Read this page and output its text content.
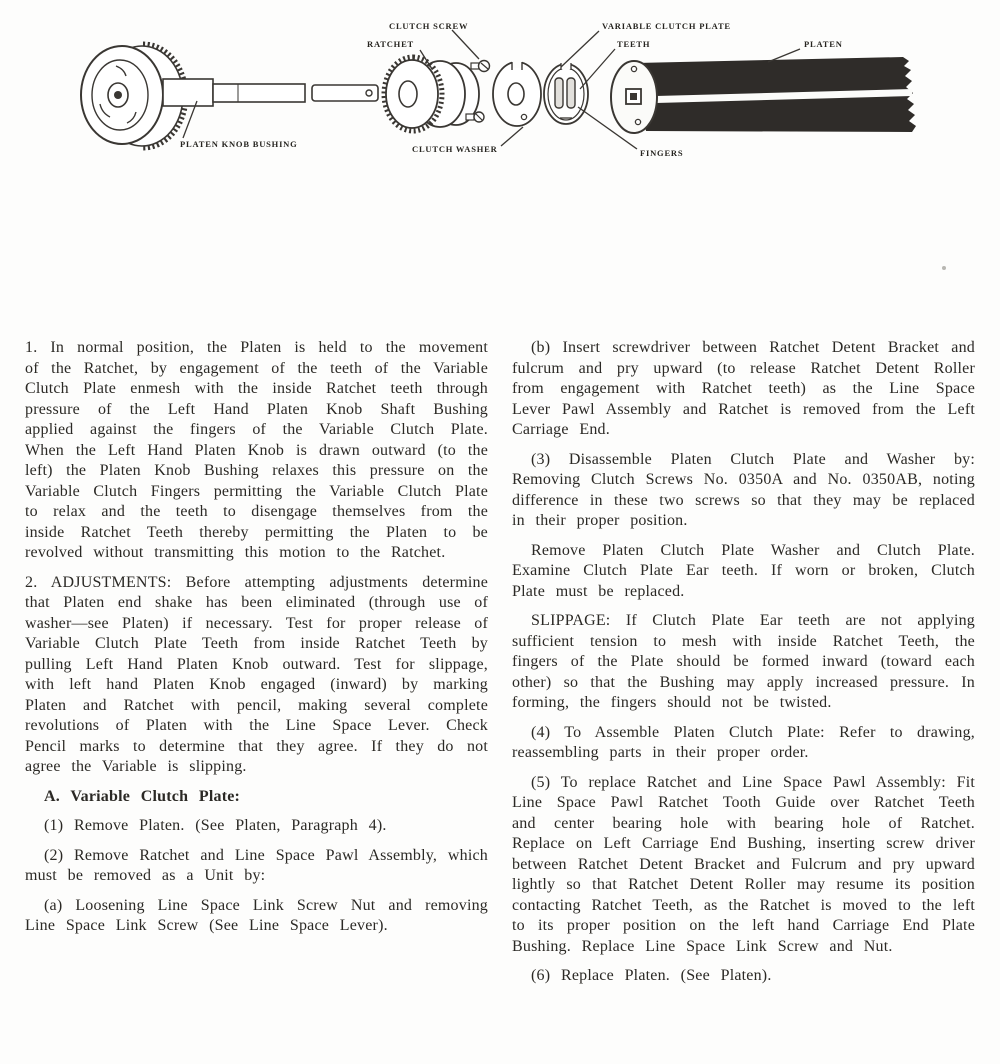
CLUTCH SCREW
RATCHET
PLATEN KNOB BUSHING	CLUTCH WASHER
VARIABLE CLUTCH PLATE
TEETH	PLATEN
FINGERS

1. In normal position, the Platen is held to the movement of the Ratchet, by engagement of the teeth of the Variable Clutch Plate enmesh with the inside Ratchet teeth through pressure of the Left Hand Platen Knob Shaft Bushing applied against the fingers of the Variable Clutch Plate. When the Left Hand Platen Knob is drawn outward (to the left) the Platen Knob Bushing relaxes this pressure on the Variable Clutch Fingers permitting the Variable Clutch Plate to relax and the teeth to disengage themselves from the inside Ratchet Teeth thereby permitting the Platen to be revolved without transmitting this motion to the Ratchet.

2. ADJUSTMENTS: Before attempting adjustments determine that Platen end shake has been eliminated (through use of washer—see Platen) if necessary. Test for proper release of Variable Clutch Plate Teeth from inside Ratchet Teeth by pulling Left Hand Platen Knob outward. Test for slippage, with left hand Platen Knob engaged (inward) by marking Platen and Ratchet with pencil, making several complete revolutions of Platen with the Line Space Lever. Check Pencil marks to determine that they agree. If they do not agree the Variable is slipping.

A. Variable Clutch Plate:

(1) Remove Platen. (See Platen, Paragraph 4).

(2) Remove Ratchet and Line Space Pawl Assembly, which must be removed as a Unit by:

(a) Loosening Line Space Link Screw Nut and removing Line Space Link Screw (See Line Space Lever).

(b) Insert screwdriver between Ratchet Detent Bracket and fulcrum and pry upward (to release Ratchet Detent Roller from engagement with Ratchet teeth) as the Line Space Lever Pawl Assembly and Ratchet is removed from the Left Carriage End.

(3) Disassemble Platen Clutch Plate and Washer by: Removing Clutch Screws No. 0350A and No. 0350AB, noting difference in these two screws so that they may be replaced in their proper position.

Remove Platen Clutch Plate Washer and Clutch Plate. Examine Clutch Plate Ear teeth. If worn or broken, Clutch Plate must be replaced.

SLIPPAGE: If Clutch Plate Ear teeth are not applying sufficient tension to mesh with inside Ratchet Teeth, the fingers of the Plate should be formed inward (toward each other) so that the Bushing may apply increased pressure. In forming, the fingers should not be twisted.

(4) To Assemble Platen Clutch Plate: Refer to drawing, reassembling parts in their proper order.

(5) To replace Ratchet and Line Space Pawl Assembly: Fit Line Space Pawl Ratchet Tooth Guide over Ratchet Teeth and center bearing hole with bearing hole of Ratchet. Replace on Left Carriage End Bushing, inserting screw driver between Ratchet Detent Bracket and Fulcrum and pry upward lightly so that Ratchet Detent Roller may resume its position contacting Ratchet Teeth, as the Ratchet is moved to the left to its proper position on the left hand Carriage End Plate Bushing. Replace Line Space Link Screw and Nut.

(6) Replace Platen. (See Platen).
